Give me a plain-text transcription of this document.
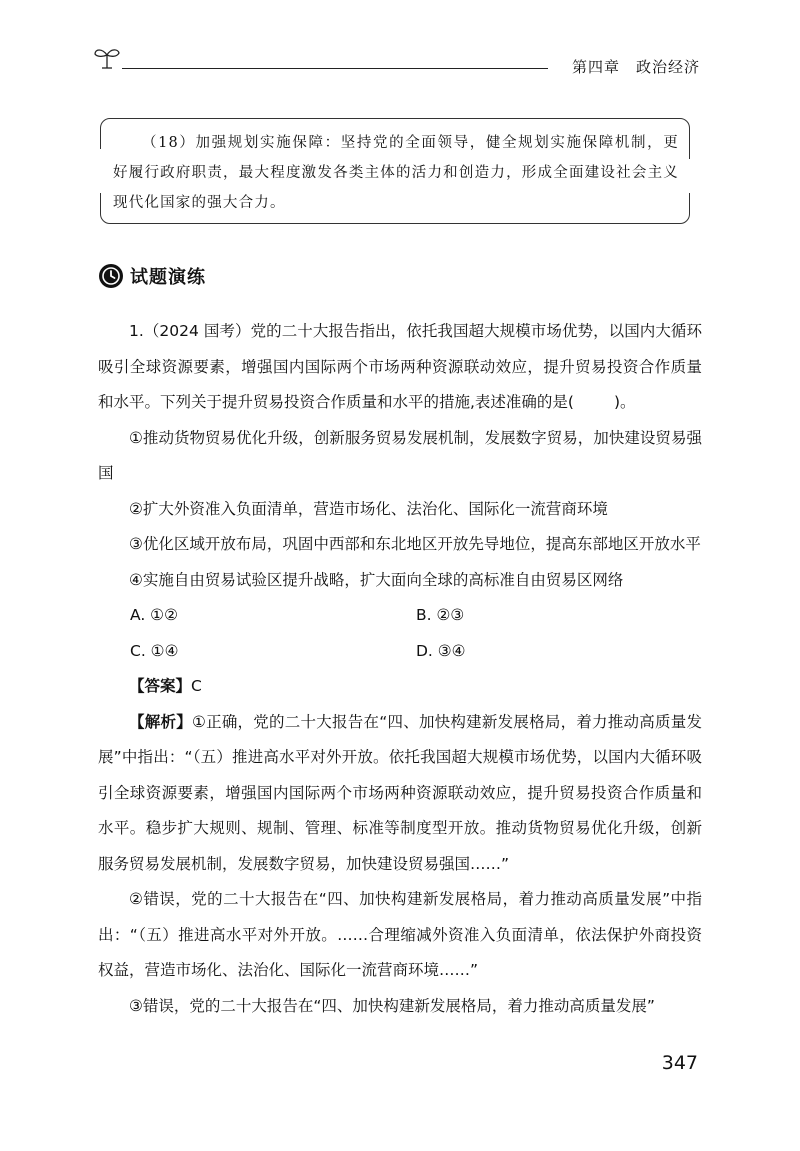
第四章 政治经济
（18）加强规划实施保障：坚持党的全面领导，健全规划实施保障机制，更好履行政府职责，最大程度激发各类主体的活力和创造力，形成全面建设社会主义现代化国家的强大合力。
试题演练

1.（2024 国考）党的二十大报告指出，依托我国超大规模市场优势，以国内大循环吸引全球资源要素，增强国内国际两个市场两种资源联动效应，提升贸易投资合作质量和水平。下列关于提升贸易投资合作质量和水平的措施,表述准确的是(	)。

①推动货物贸易优化升级，创新服务贸易发展机制，发展数字贸易，加快建设贸易强国

②扩大外资准入负面清单，营造市场化、法治化、国际化一流营商环境

③优化区域开放布局，巩固中西部和东北地区开放先导地位，提高东部地区开放水平

④实施自由贸易试验区提升战略，扩大面向全球的高标准自由贸易区网络

A. ①②	B. ②③
C. ①④	D. ③④

【答案】C

【解析】①正确，党的二十大报告在“四、加快构建新发展格局，着力推动高质量发展”中指出：“（五）推进高水平对外开放。依托我国超大规模市场优势，以国内大循环吸引全球资源要素，增强国内国际两个市场两种资源联动效应，提升贸易投资合作质量和水平。稳步扩大规则、规制、管理、标准等制度型开放。推动货物贸易优化升级，创新服务贸易发展机制，发展数字贸易，加快建设贸易强国……”

②错误，党的二十大报告在“四、加快构建新发展格局，着力推动高质量发展”中指出：“（五）推进高水平对外开放。……合理缩减外资准入负面清单，依法保护外商投资权益，营造市场化、法治化、国际化一流营商环境……”

③错误，党的二十大报告在“四、加快构建新发展格局，着力推动高质量发展”

347
